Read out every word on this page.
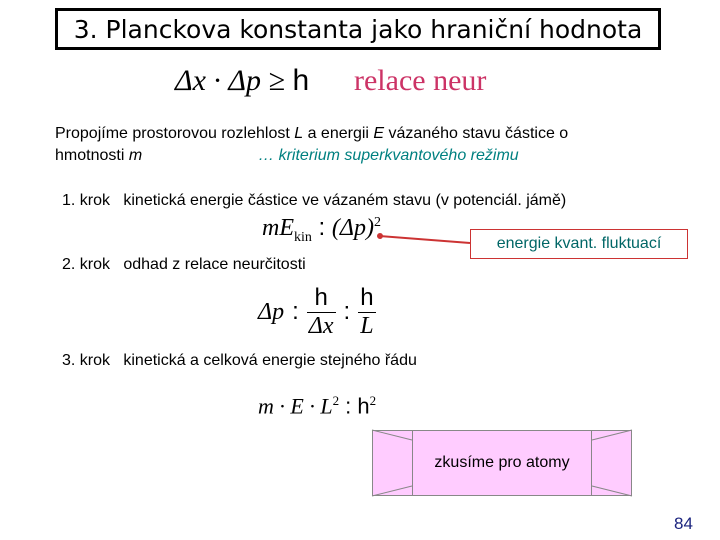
3. Planckova konstanta jako hraniční hodnota
Δx · Δp ≥ h relace neur
Propojíme prostorovou rozlehlost L a energii E vázaného stavu částice o
hmotnosti m	… kriterium superkvantového režimu
1. krok kinetická energie částice ve vázaném stavu (v potenciál. jámě)
$mE_{kin}$ : $(\Delta p)^2$
energie kvant. fluktuací
2. krok odhad z relace neurčitosti
Δp : $\frac{h}{\Delta x}$ : $\frac{h}{L}$
3. krok kinetická a celková energie stejného řádu
$m \cdot E \cdot L^2$ : $h^2$
zkusíme pro atomy
84
